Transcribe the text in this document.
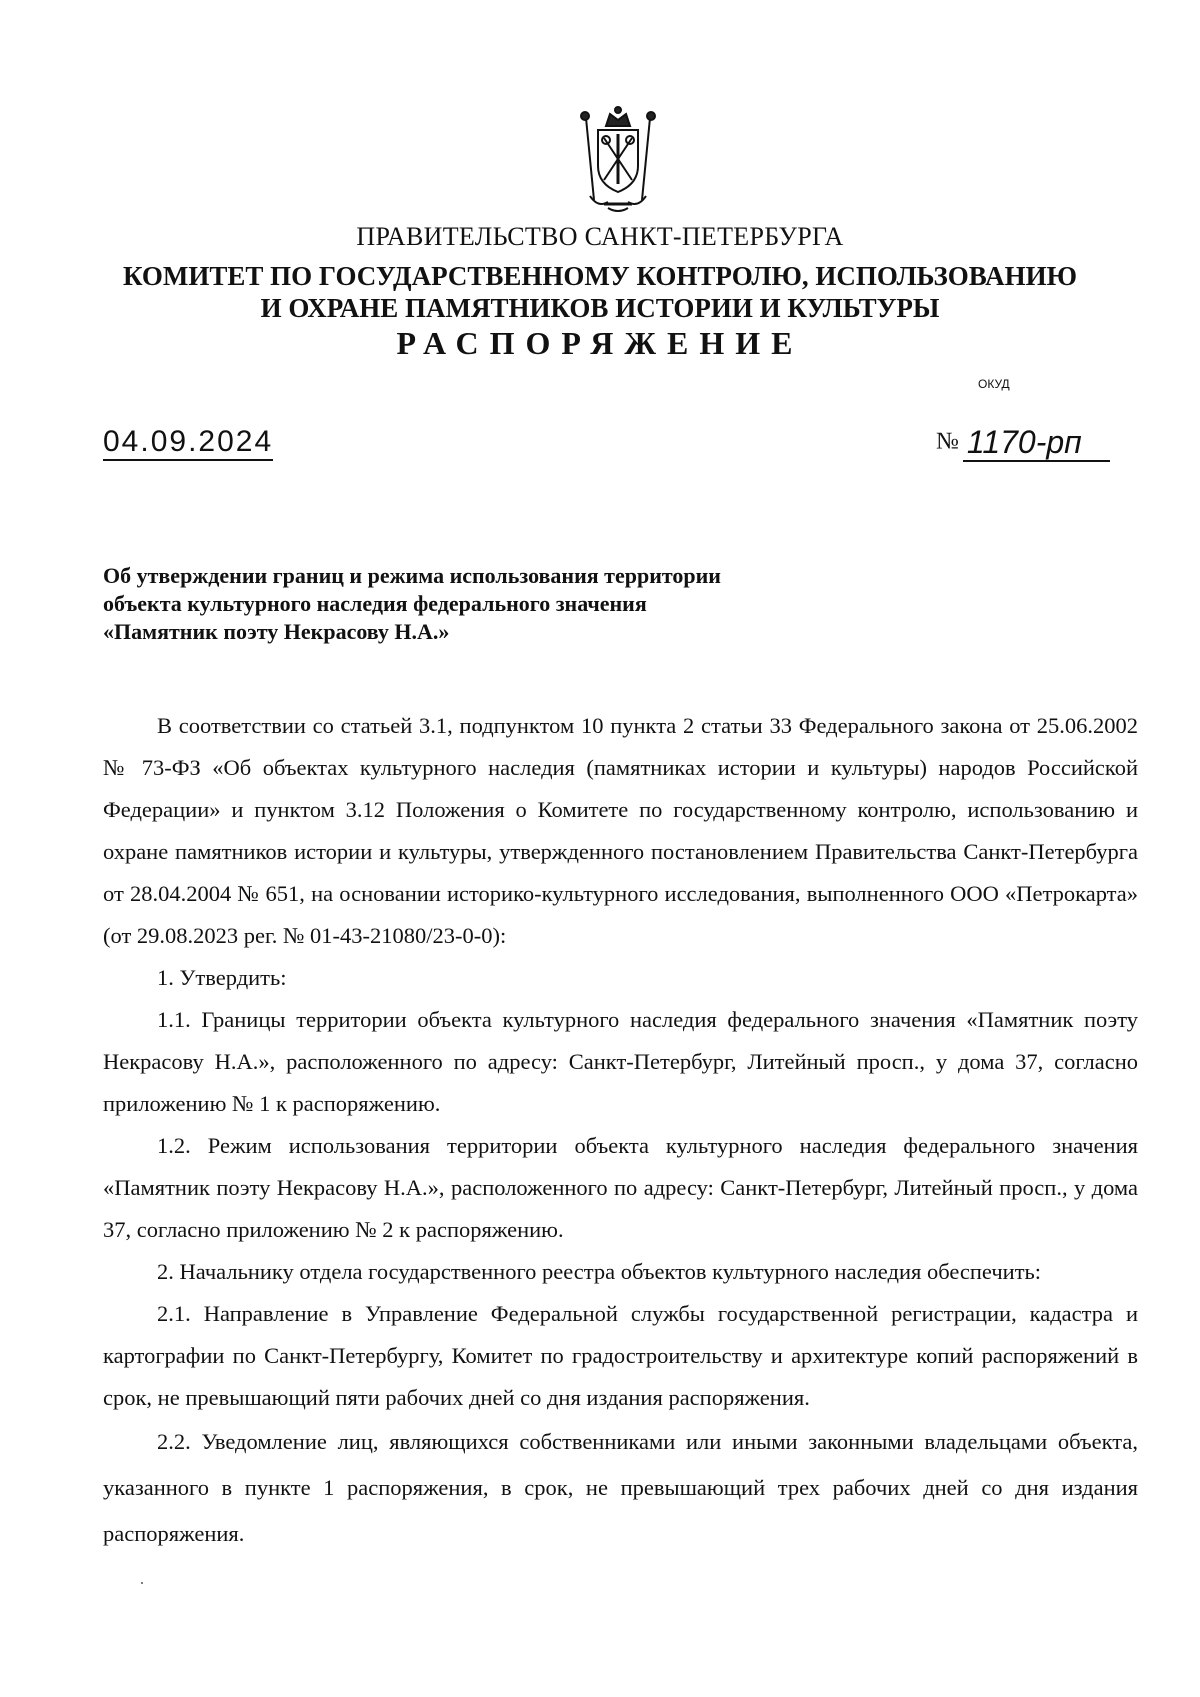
ПРАВИТЕЛЬСТВО САНКТ-ПЕТЕРБУРГА
КОМИТЕТ ПО ГОСУДАРСТВЕННОМУ КОНТРОЛЮ, ИСПОЛЬЗОВАНИЮ
И ОХРАНЕ ПАМЯТНИКОВ ИСТОРИИ И КУЛЬТУРЫ
РАСПОРЯЖЕНИЕ
ОКУД
04.09.2024	№ 1170-рп
Об утверждении границ и режима использования территории
объекта культурного наследия федерального значения
«Памятник поэту Некрасову Н.А.»

В соответствии со статьей 3.1, подпунктом 10 пункта 2 статьи 33 Федерального закона от 25.06.2002 № 73-ФЗ «Об объектах культурного наследия (памятниках истории и культуры) народов Российской Федерации» и пунктом 3.12 Положения о Комитете по государственному контролю, использованию и охране памятников истории и культуры, утвержденного постановлением Правительства Санкт-Петербурга от 28.04.2004 № 651, на основании историко-культурного исследования, выполненного ООО «Петрокарта» (от 29.08.2023 рег. № 01-43-21080/23-0-0):

1. Утвердить:

1.1. Границы территории объекта культурного наследия федерального значения «Памятник поэту Некрасову Н.А.», расположенного по адресу: Санкт-Петербург, Литейный просп., у дома 37, согласно приложению № 1 к распоряжению.

1.2. Режим использования территории объекта культурного наследия федерального значения «Памятник поэту Некрасову Н.А.», расположенного по адресу: Санкт-Петербург, Литейный просп., у дома 37, согласно приложению № 2 к распоряжению.

2. Начальнику отдела государственного реестра объектов культурного наследия обеспечить:

2.1. Направление в Управление Федеральной службы государственной регистрации, кадастра и картографии по Санкт-Петербургу, Комитет по градостроительству и архитектуре копий распоряжений в срок, не превышающий пяти рабочих дней со дня издания распоряжения.

2.2. Уведомление лиц, являющихся собственниками или иными законными владельцами объекта, указанного в пункте 1 распоряжения, в срок, не превышающий трех рабочих дней со дня издания распоряжения.
